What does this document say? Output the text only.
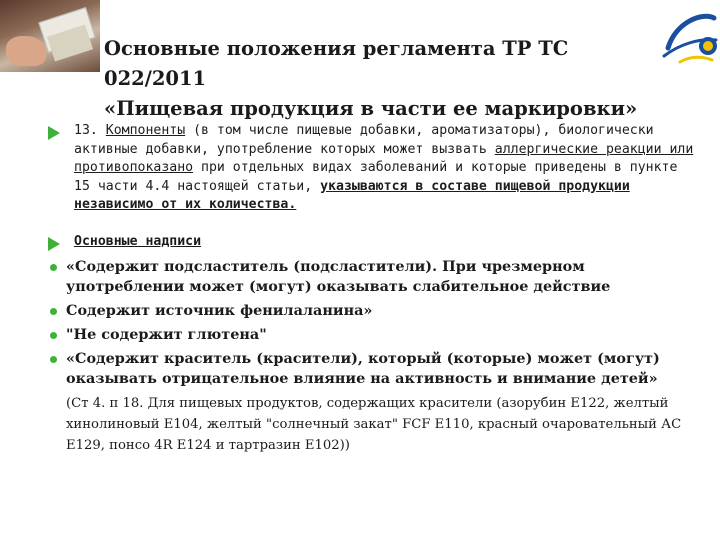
Основные положения регламента ТР ТС 022/2011
«Пищевая продукция в части ее маркировки»
13. Компоненты (в том числе пищевые добавки, ароматизаторы), биологически активные добавки, употребление которых может вызвать аллергические реакции или противопоказано при отдельных видах заболеваний и которые приведены в пункте 15 части 4.4 настоящей статьи, указываются в составе пищевой продукции независимо от их количества.
Основные надписи
«Содержит подсластитель (подсластители). При чрезмерном употреблении может (могут) оказывать слабительное действие
Содержит источник фенилаланина»
"Не содержит глютена"
«Содержит краситель (красители), который (которые) может (могут) оказывать отрицательное влияние на активность и внимание детей»
(Ст 4. п 18. Для пищевых продуктов, содержащих красители (азорубин Е122, желтый хинолиновый Е104, желтый "солнечный закат" FCF Е110, красный очаровательный АС Е129, понсо 4R Е124 и тартразин Е102))
